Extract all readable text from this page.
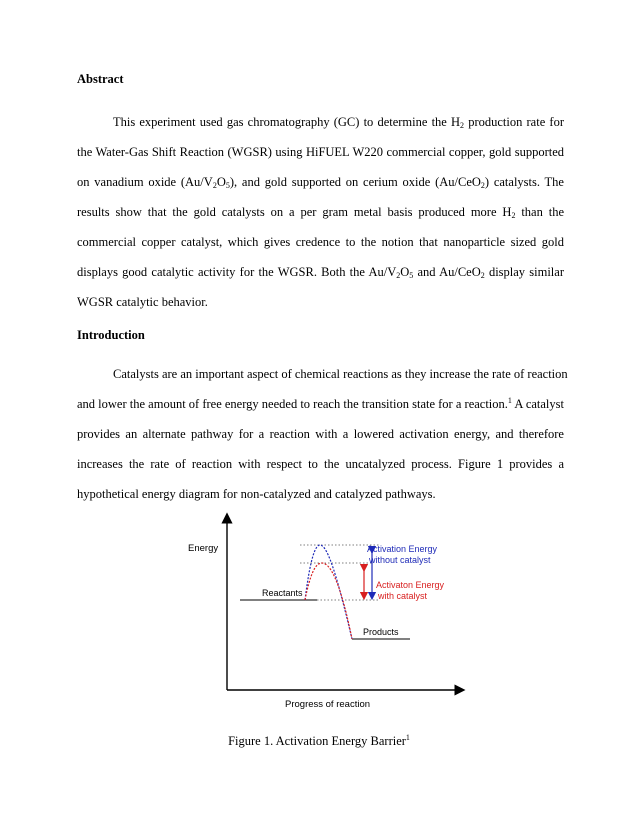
Abstract
This experiment used gas chromatography (GC) to determine the $H_2$ production rate for
the Water-Gas Shift Reaction (WGSR) using HiFUEL W220 commercial copper, gold supported
on vanadium oxide $(Au/V_2O_5)$, and gold supported on cerium oxide (Au/CeO$_2$) catalysts. The
results show that the gold catalysts on a per gram metal basis produced more $H_2$ than the
commercial copper catalyst, which gives credence to the notion that nanoparticle sized gold
displays good catalytic activity for the WGSR. Both the $Au/V_2O_5$ and Au/CeO$_2$ display similar
WGSR catalytic behavior.
Introduction
Catalysts are an important aspect of chemical reactions as they increase the rate of reaction
and lower the amount of free energy needed to reach the transition state for a reaction.$^1$ A catalyst
provides an alternate pathway for a reaction with a lowered activation energy, and therefore
increases the rate of reaction with respect to the uncatalyzed process. Figure 1 provides a
hypothetical energy diagram for non-catalyzed and catalyzed pathways.
Energy
Progress of reaction
Reactants
Products
Activation Energy
without catalyst
Activaton Energy
with catalyst
Figure 1. Activation Energy Barrier$^1$
